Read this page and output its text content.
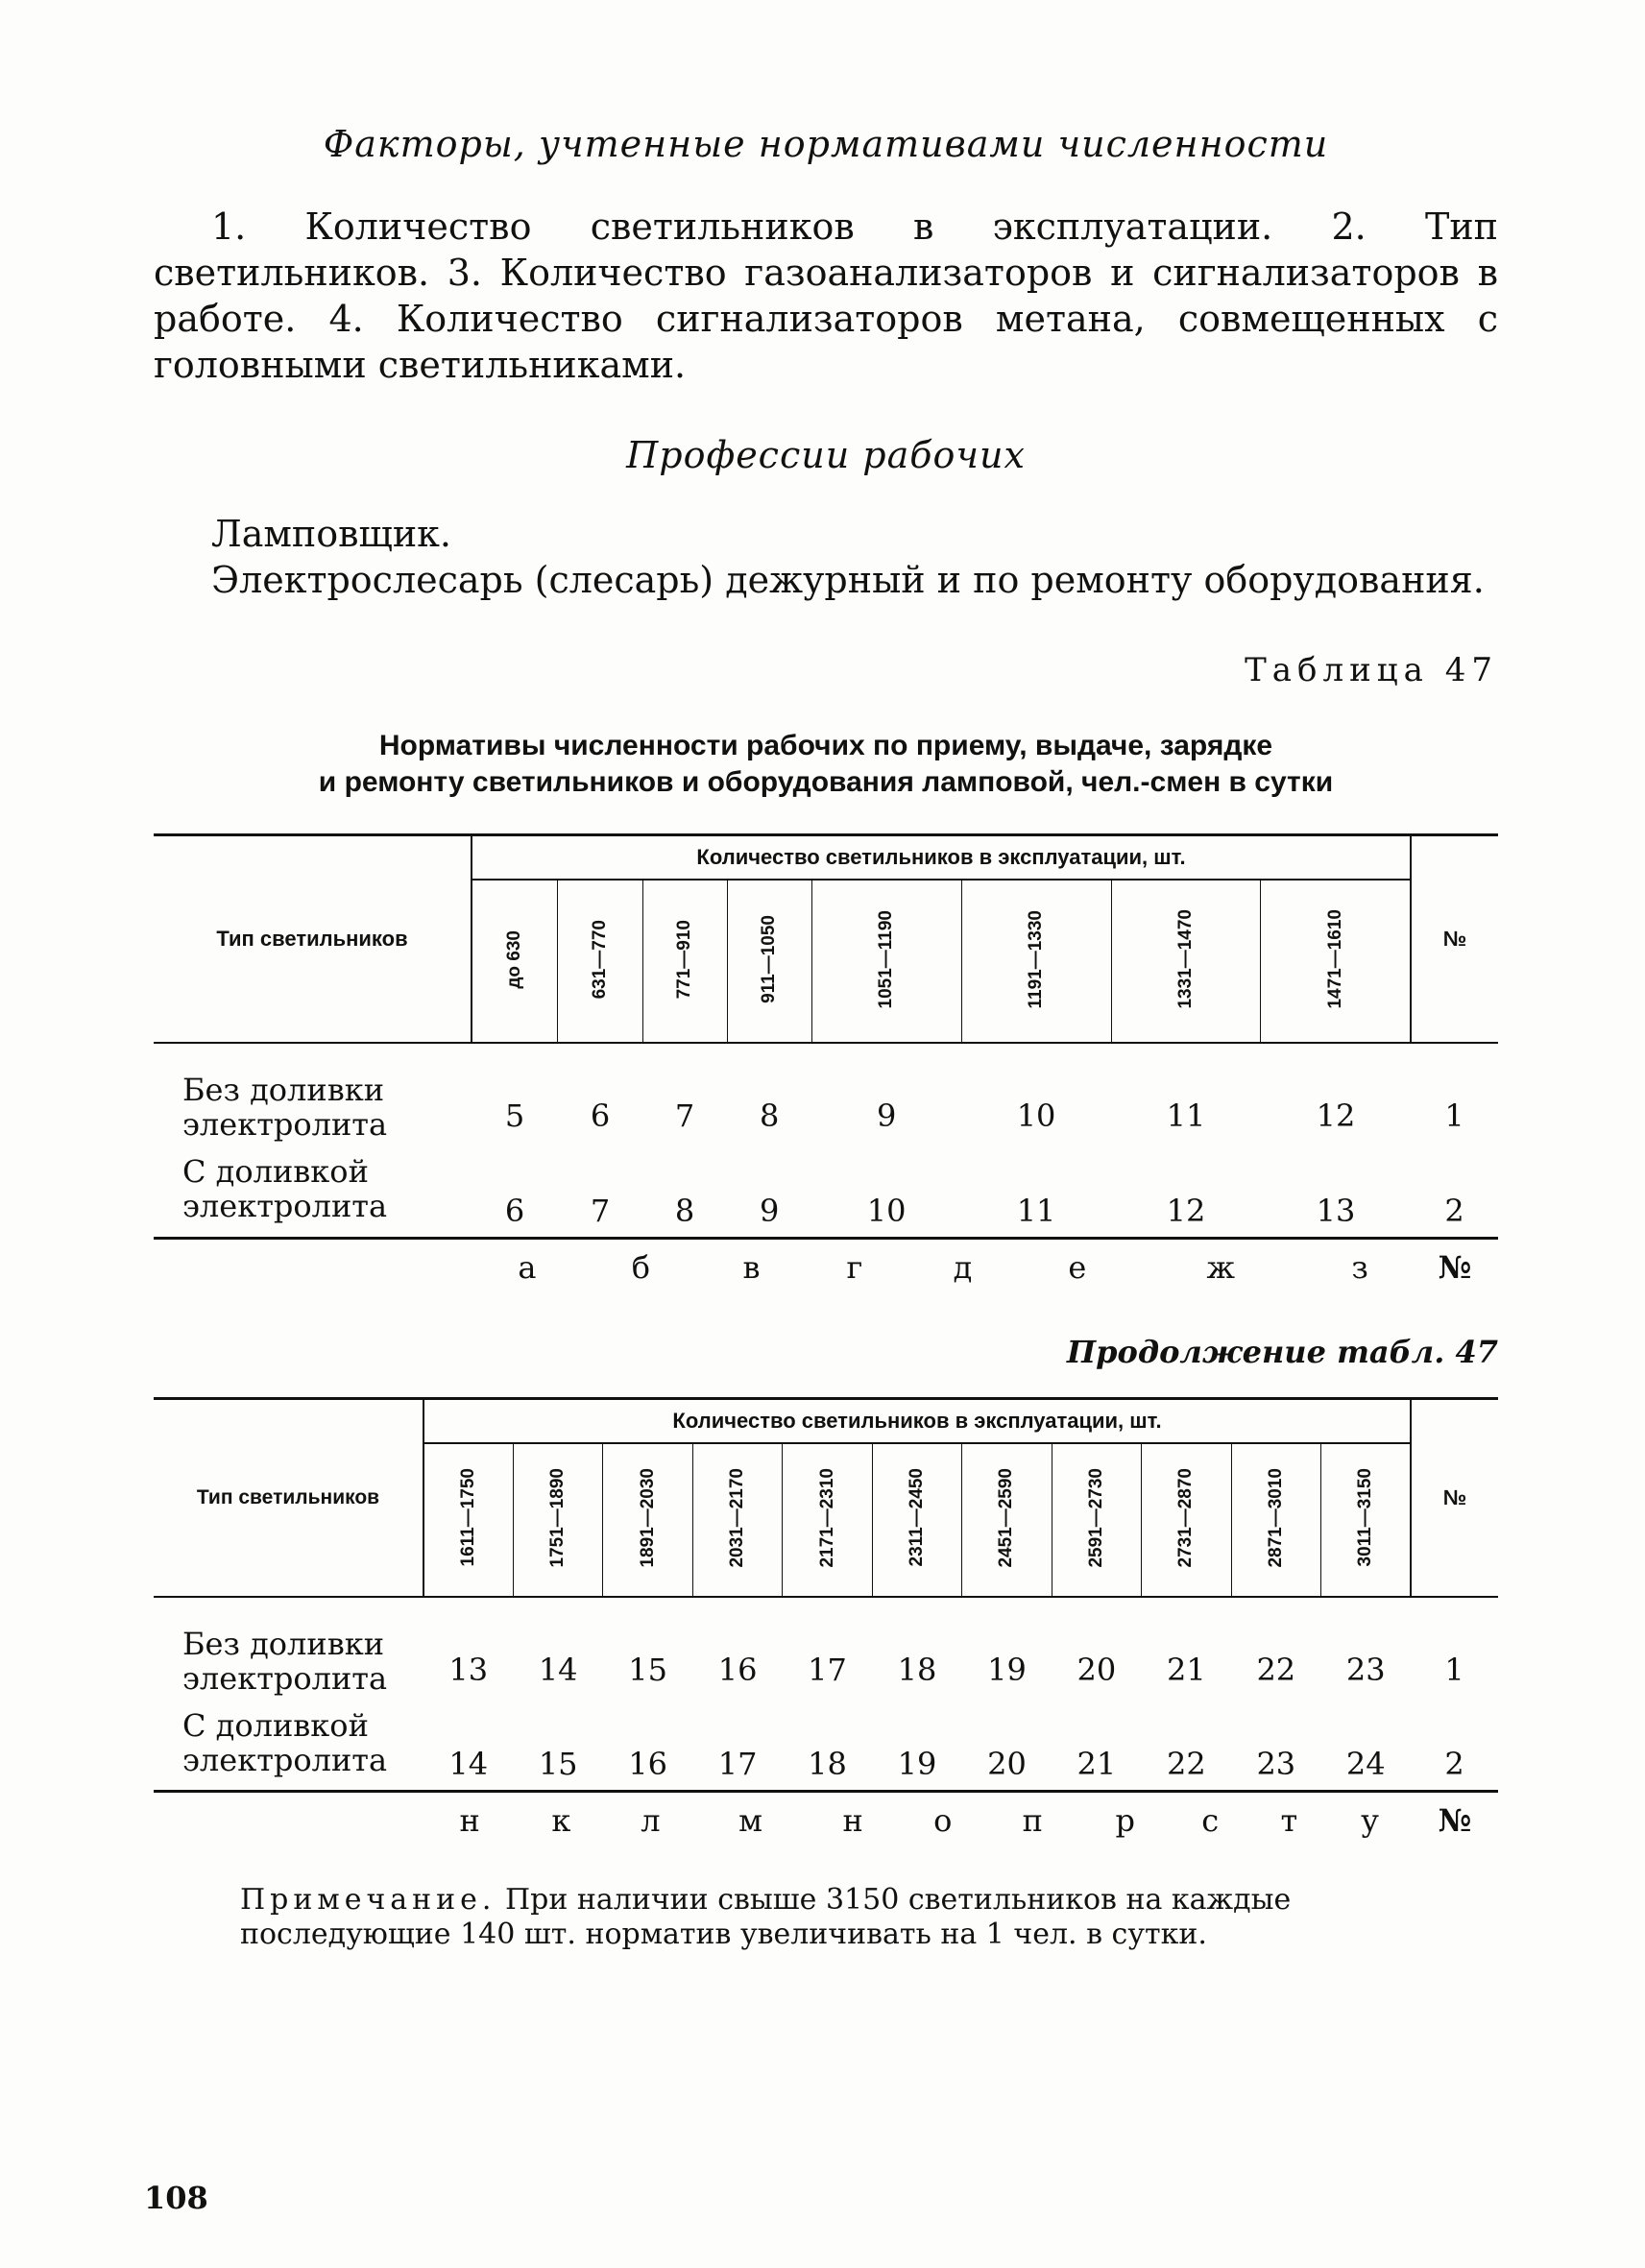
Факторы, учтенные нормативами численности

1. Количество светильников в эксплуатации. 2. Тип светильников. 3. Количество газоанализаторов и сигнализаторов в работе. 4. Количество сигнализаторов метана, совмещенных с головными светильниками.

Профессии рабочих
Ламповщик.
Электрослесарь (слесарь) дежурный и по ремонту оборудования.
Таблица 47
Нормативы численности рабочих по приему, выдаче, зарядке
и ремонту светильников и оборудования ламповой, чел.-смен в сутки
Тип светильников	Количество светильников в эксплуатации, шт.								№
	до 630	631—770	771—910	911—1050	1051—1190	1191—1330	1331—1470	1471—1610	
Без доливки электролита	5	6	7	8	9	10	11	12	1
С доливкой электролита	6	7	8	9	10	11	12	13	2
	а	б	в	г	д	е	ж	з	№
Продолжение табл. 47
Тип светильников	Количество светильников в эксплуатации, шт.											№
	1611—1750	1751—1890	1891—2030	2031—2170	2171—2310	2311—2450	2451—2590	2591—2730	2731—2870	2871—3010	3011—3150	
Без доливки электролита	13	14	15	16	17	18	19	20	21	22	23	1
С доливкой электролита	14	15	16	17	18	19	20	21	22	23	24	2
	н	к	л	м	н	о	п	р	с	т	у	№
Примечание. При наличии свыше 3150 светильников на каждые последующие 140 шт. норматив увеличивать на 1 чел. в сутки.
108
